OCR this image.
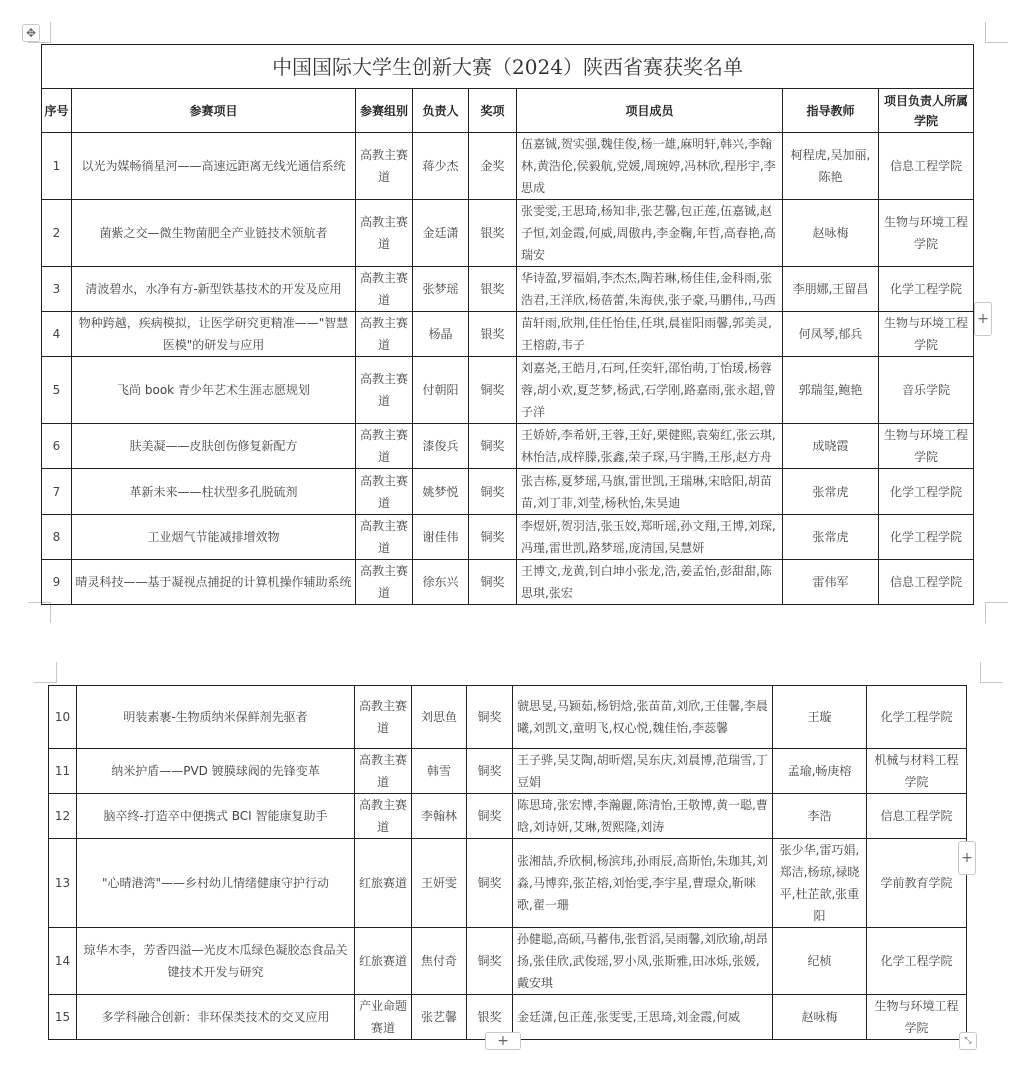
✥
中国国际大学生创新大赛（2024）陕西省赛获奖名单							
序号	参赛项目	参赛组别	负责人	奖项	项目成员	指导教师	项目负责人所属学院
1	以光为媒畅徜星河——高速远距离无线光通信系统	高教主赛道	蒋少杰	金奖	伍嘉铖,贺实强,魏佳俊,杨一雄,麻明轩,韩兴,李翰林,黄浩伦,侯毅航,党媛,周琬婷,冯林欣,程彤宇,李思成	柯程虎,吴加丽,陈艳	信息工程学院
2	菌紫之交—微生物菌肥全产业链技术领航者	高教主赛道	金廷潇	银奖	张雯雯,王思琦,杨知非,张艺馨,包正莲,伍嘉铖,赵子恒,刘金霞,何威,周傲冉,李金鞠,年哲,高春艳,高瑞安	赵咏梅	生物与环境工程学院
3	清波碧水，水净有方-新型铁基技术的开发及应用	高教主赛道	张梦瑶	银奖	华诗盈,罗福娟,李杰杰,陶若琳,杨佳佳,金科雨,张浩君,王洋欣,杨蓓蕾,朱海侠,张子豪,马鹏伟,,马西	李朋娜,王留昌	化学工程学院
4	物种跨越，疾病模拟，让医学研究更精准——"智慧医模"的研发与应用	高教主赛道	杨晶	银奖	苗轩雨,欣荆,佳任怡佳,任琪,晨崔阳雨馨,郭美灵,王榕蔚,韦子	何凤琴,郁兵	生物与环境工程学院
5	飞尚 book 青少年艺术生涯志愿规划	高教主赛道	付朝阳	铜奖	刘嘉尧,王皓月,石珂,任奕轩,邵怡萌,丁怡瑗,杨蓉蓉,胡小欢,夏芝梦,杨武,石学刚,路嘉雨,张永超,曾子洋	郭瑞玺,鲍艳	音乐学院
6	肤美凝——皮肤创伤修复新配方	高教主赛道	漆俊兵	铜奖	王娇娇,李希妍,王蓉,王好,栗健熙,袁菊红,张云琪,林怡洁,成梓滕,张鑫,荣子琛,马宇腾,王彤,赵方舟	成晓霞	生物与环境工程学院
7	革新未来——柱状型多孔脱硫剂	高教主赛道	姚梦悦	铜奖	张吉栋,夏梦瑶,马旗,雷世凯,王瑞琳,宋晗阳,胡苗苗,刘丁菲,刘莹,杨秋怡,朱昊迪	张常虎	化学工程学院
8	工业烟气节能减排增效物	高教主赛道	谢佳伟	铜奖	李煜妍,贺羽洁,张玉姣,郑昕瑶,孙文翔,王博,刘琛,冯瑾,雷世凯,路梦瑶,庞清国,吴慧妍	张常虎	化学工程学院
9	晴灵科技——基于凝视点捕捉的计算机操作辅助系统	高教主赛道	徐东兴	铜奖	王博文,龙黄,钊白坤小张龙,浩,姜孟怡,彭甜甜,陈思琪,张宏	雷伟军	信息工程学院
+
10	明装素裹-生物质纳米保鲜剂先驱者	高教主赛道	刘思鱼	铜奖	虢思旻,马颖茹,杨钥焓,张苗苗,刘欣,王佳馨,李晨曦,刘凯文,童明飞,权心悦,魏佳怡,李蕊馨	王璇	化学工程学院
11	纳米护盾——PVD 镀膜球阀的先锋变革	高教主赛道	韩雪	铜奖	王子骅,吴艾陶,胡昕熠,吴东庆,刘晨博,范瑞雪,丁豆娟	孟瑜,畅庚榕	机械与材料工程学院
12	脑卒终-打造卒中便携式 BCI 智能康复助手	高教主赛道	李翰林	铜奖	陈思琦,张宏博,李瀚麗,陈清怡,王敬博,黄一聪,曹晗,刘诗妍,艾琳,贺熙隆,刘涛	李浩	信息工程学院
13	"心晴港湾"——乡村幼儿情绪健康守护行动	红旅赛道	王妍雯	铜奖	张湘喆,乔欣桐,杨滨玮,孙雨辰,高斯怡,朱珈其,刘淼,马博弈,张芷榕,刘怡雯,李宇星,曹璟众,靳咪歌,翟一珊	张少华,雷巧娟,郑洁,杨琼,禄晓平,杜芷歆,张重阳	学前教育学院
14	琼华木李，芳香四溢—光皮木瓜绿色凝胶态食品关键技术开发与研究	红旅赛道	焦付奇	铜奖	孙健聪,高硕,马蓄伟,张哲滔,吴雨馨,刘欣瑜,胡昂扬,张佳欣,武俊瑶,罗小凤,张斯雅,田冰烁,张媛,戴安琪	纪桢	化学工程学院
15	多学科融合创新：非环保类技术的交叉应用	产业命题赛道	张艺馨	银奖	金廷潇,包正莲,张雯雯,王思琦,刘金霞,何威	赵咏梅	生物与环境工程学院
+
+	⤡
